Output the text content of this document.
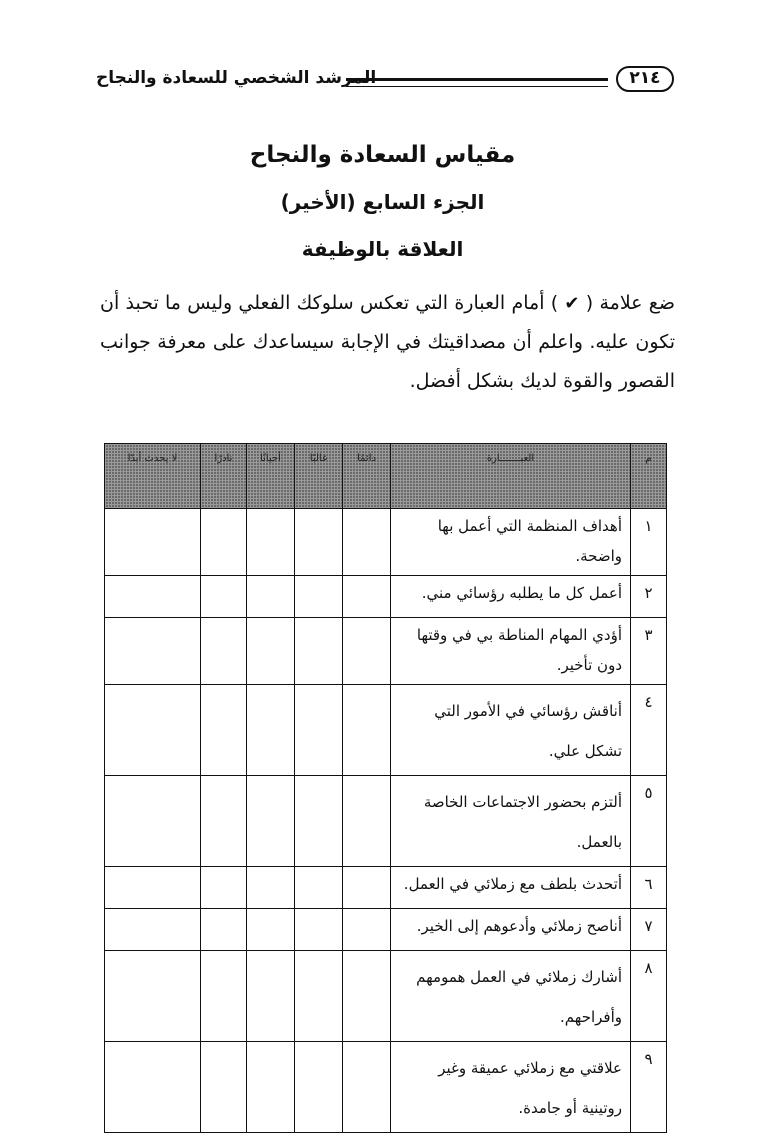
المرشد الشخصي للسعادة والنجاح	٢١٤
مقياس السعادة والنجاح
الجزء السابع (الأخير)
العلاقة بالوظيفة
ضع علامة ( ✔ ) أمام العبارة التي تعكس سلوكك الفعلي وليس ما تحبذ أن تكون عليه. واعلم أن مصداقيتك في الإجابة سيساعدك على معرفة جوانب القصور والقوة لديك بشكل أفضل.
م	العبـــــــارة	دائمًا	غالبًا	أحيانًا	نادرًا	لا يحدث أبدًا
١	أهداف المنظمة التي أعمل بها واضحة.					
٢	أعمل كل ما يطلبه رؤسائي مني.					
٣	أؤدي المهام المناطة بي في وقتها دون تأخير.					
٤	أناقش رؤسائي في الأمور التي تشكل علي.					
٥	ألتزم بحضور الاجتماعات الخاصة بالعمل.					
٦	أتحدث بلطف مع زملائي في العمل.					
٧	أناصح زملائي وأدعوهم إلى الخير.					
٨	أشارك زملائي في العمل همومهم وأفراحهم.					
٩	علاقتي مع زملائي عميقة وغير روتينية أو جامدة.					
